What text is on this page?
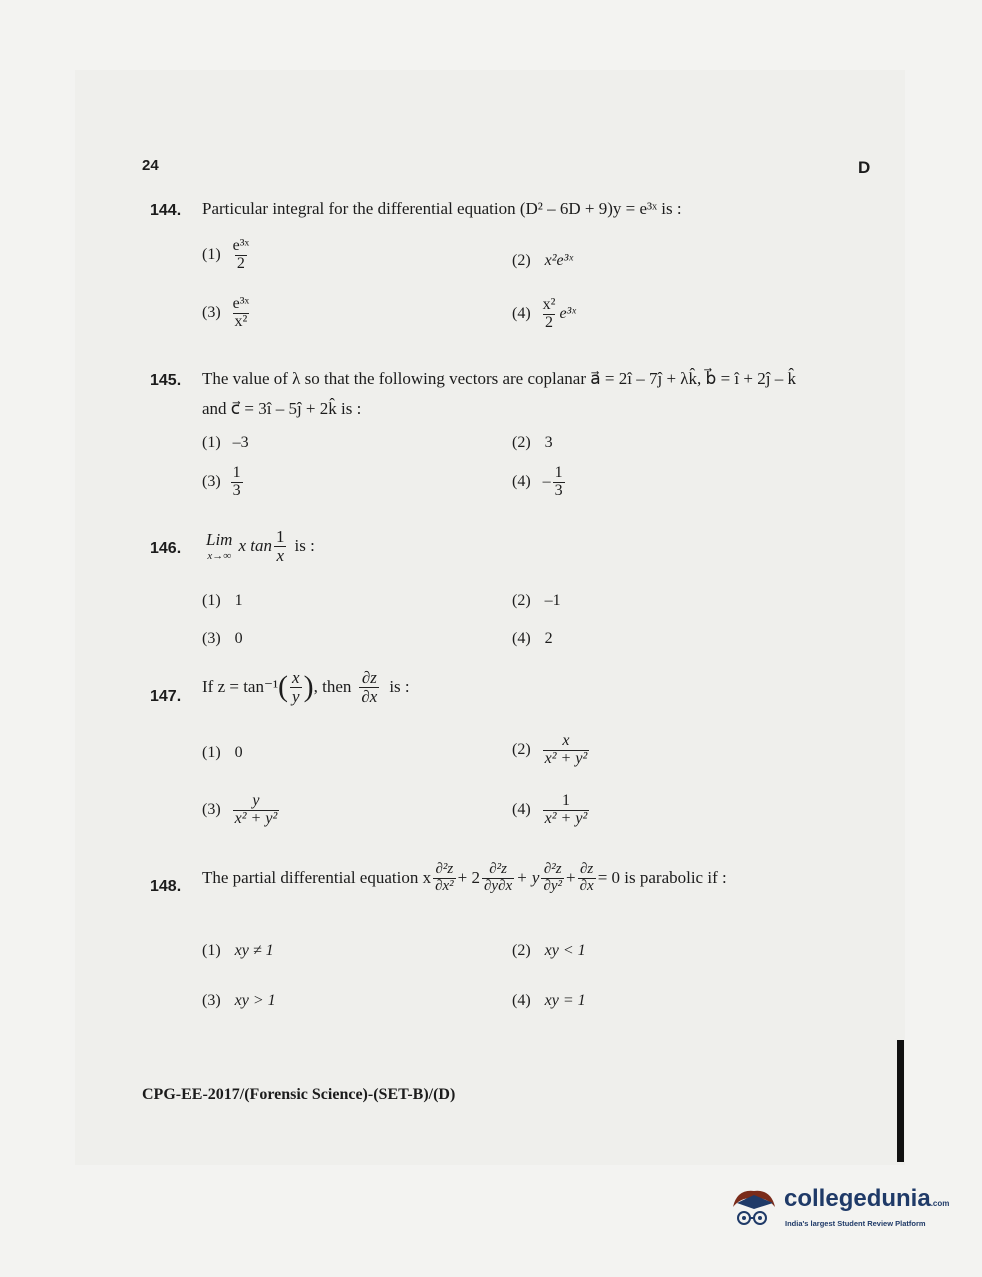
24	D
144. Particular integral for the differential equation (D² – 6D + 9)y = e³ˣ is :
$(1) \frac{\text{e³ˣ}}{2}$	(2) x²e³ˣ
$(3) \frac{\text{e³ˣ}}{\text{x²}}$	$(4) \frac{\text{x²}}{2}$ e³ˣ
145. The value of λ so that the following vectors are coplanar a⃗ = 2î – 7ĵ + λk̂, b⃗ = î + 2ĵ – k̂
and c⃗ = 3î – 5ĵ + 2k̂ is :
(1) –3	(2) 3
$(3) \frac{1}{3}$	$(4) - \frac{1}{3}$
146. Lim
x→∞
x $\tan \frac{1}{x}$ is :
(1) 1	(2) –1
(3) 0	(4) 2
147.
If z = tan⁻¹ ( $\frac{x}{y}$ ) , then $\frac{\partial z}{\partial x}$ is :
(1) 0	$(2) \frac{x}{\text{x² + y²}}$
$(3) \frac{y}{\text{x² + y²}}$	$(4) \frac{1}{\text{x² + y²}}$
148. The partial differential equation x $\frac{\text{∂²z}}{\text{∂x²}} + 2 \frac{\text{∂²z}}{\partial y\partial x} + y \frac{\text{∂²z}}{\text{∂y²}} + \frac{\partial z}{\partial x} = 0$ is parabolic if :
(1) xy ≠ 1	(2) xy < 1
(3) xy > 1	(4) xy = 1
CPG-EE-2017/(Forensic Science)-(SET-B)/(D)
collegedunia.com
India's largest Student Review Platform
